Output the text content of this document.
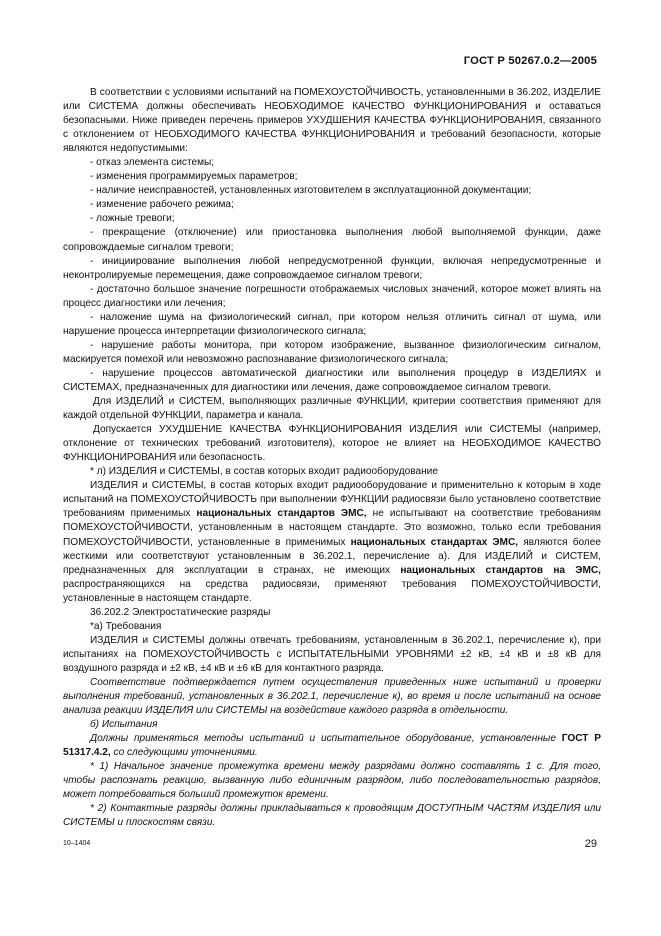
ГОСТ Р 50267.0.2—2005

В соответствии с условиями испытаний на ПОМЕХОУСТОЙЧИВОСТЬ, установленными в 36.202, ИЗДЕЛИЕ или СИСТЕМА должны обеспечивать НЕОБХОДИМОЕ КАЧЕСТВО ФУНКЦИОНИРОВАНИЯ и оставаться безопасными. Ниже приведен перечень примеров УХУДШЕНИЯ КАЧЕСТВА ФУНКЦИОНИРОВАНИЯ, связанного с отклонением от НЕОБХОДИМОГО КАЧЕСТВА ФУНКЦИОНИРОВАНИЯ и требований безопасности, которые являются недопустимыми:

- отказ элемента системы;

- изменения программируемых параметров;

- наличие неисправностей, установленных изготовителем в эксплуатационной документации;

- изменение рабочего режима;

- ложные тревоги;

- прекращение (отключение) или приостановка выполнения любой выполняемой функции, даже сопровождаемые сигналом тревоги;

- инициирование выполнения любой непредусмотренной функции, включая непредусмотренные и неконтролируемые перемещения, даже сопровождаемое сигналом тревоги;

- достаточно большое значение погрешности отображаемых числовых значений, которое может влиять на процесс диагностики или лечения;

- наложение шума на физиологический сигнал, при котором нельзя отличить сигнал от шума, или нарушение процесса интерпретации физиологического сигнала;

- нарушение работы монитора, при котором изображение, вызванное физиологическим сигналом, маскируется помехой или невозможно распознавание физиологического сигнала;

- нарушение процессов автоматической диагностики или выполнения процедур в ИЗДЕЛИЯХ и СИСТЕМАХ, предназначенных для диагностики или лечения, даже сопровождаемое сигналом тревоги.

Для ИЗДЕЛИЙ и СИСТЕМ, выполняющих различные ФУНКЦИИ, критерии соответствия применяют для каждой отдельной ФУНКЦИИ, параметра и канала.

Допускается УХУДШЕНИЕ КАЧЕСТВА ФУНКЦИОНИРОВАНИЯ ИЗДЕЛИЯ или СИСТЕМЫ (например, отклонение от технических требований изготовителя), которое не влияет на НЕОБХОДИМОЕ КАЧЕСТВО ФУНКЦИОНИРОВАНИЯ или безопасность.

* л) ИЗДЕЛИЯ и СИСТЕМЫ, в состав которых входит радиооборудование

ИЗДЕЛИЯ и СИСТЕМЫ, в состав которых входит радиооборудование и применительно к которым в ходе испытаний на ПОМЕХОУСТОЙЧИВОСТЬ при выполнении ФУНКЦИИ радиосвязи было установлено соответствие требованиям применимых национальных стандартов ЭМС, не испытывают на соответствие требованиям ПОМЕХОУСТОЙЧИВОСТИ, установленным в настоящем стандарте. Это возможно, только если требования ПОМЕХОУСТОЙЧИВОСТИ, установленные в применимых национальных стандартах ЭМС, являются более жесткими или соответствуют установленным в 36.202.1, перечисление а). Для ИЗДЕЛИЙ и СИСТЕМ, предназначенных для эксплуатации в странах, не имеющих национальных стандартов на ЭМС, распространяющихся на средства радиосвязи, применяют требования ПОМЕХОУСТОЙЧИВОСТИ, установленные в настоящем стандарте.

36.202.2 Электростатические разряды

*а) Требования

ИЗДЕЛИЯ и СИСТЕМЫ должны отвечать требованиям, установленным в 36.202.1, перечисление к), при испытаниях на ПОМЕХОУСТОЙЧИВОСТЬ с ИСПЫТАТЕЛЬНЫМИ УРОВНЯМИ ±2 кВ, ±4 кВ и ±8 кВ для воздушного разряда и ±2 кВ, ±4 кВ и ±6 кВ для контактного разряда.

Соответствие подтверждается путем осуществления приведенных ниже испытаний и проверки выполнения требований, установленных в 36.202.1, перечисление к), во время и после испытаний на основе анализа реакции ИЗДЕЛИЯ или СИСТЕМЫ на воздействие каждого разряда в отдельности.

б) Испытания

Должны применяться методы испытаний и испытательное оборудование, установленные ГОСТ Р 51317.4.2, со следующими уточнениями.

* 1) Начальное значение промежутка времени между разрядами должно составлять 1 с. Для того, чтобы распознать реакцию, вызванную либо единичным разрядом, либо последовательностью разрядов, может потребоваться больший промежуток времени.

* 2) Контактные разряды должны прикладываться к проводящим ДОСТУПНЫМ ЧАСТЯМ ИЗДЕЛИЯ или СИСТЕМЫ и плоскостям связи.

10–1404	29
